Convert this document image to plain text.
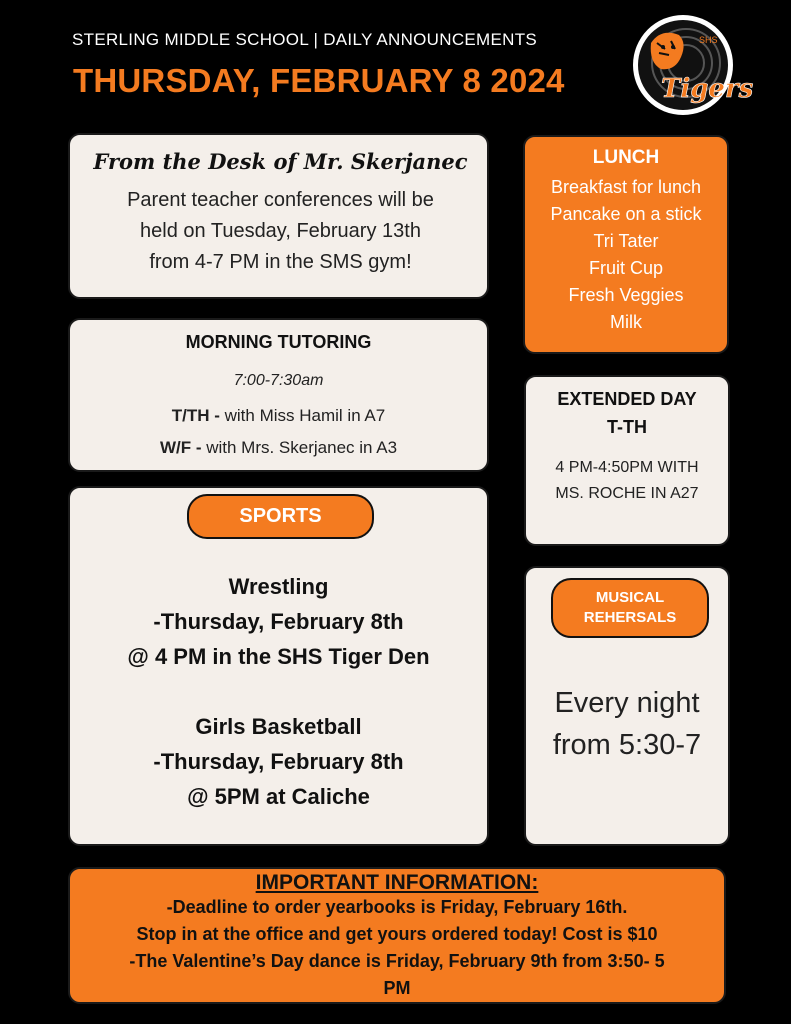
STERLING MIDDLE SCHOOL | DAILY ANNOUNCEMENTS
THURSDAY, FEBRUARY 8 2024
SHS
Tigers
From the Desk of Mr. Skerjanec
Parent teacher conferences will be
held on Tuesday, February 13th
from 4-7 PM in the SMS gym!
LUNCH
Breakfast for lunch
Pancake on a stick
Tri Tater
Fruit Cup
Fresh Veggies
Milk
MORNING TUTORING
7:00-7:30am
T/TH - with Miss Hamil in A7
W/F - with Mrs. Skerjanec in A3
EXTENDED DAY
T-TH
4 PM-4:50PM WITH
MS. ROCHE IN A27
SPORTS
Wrestling
-Thursday, February 8th
@ 4 PM in the SHS Tiger Den
Girls Basketball
-Thursday, February 8th
@ 5PM at Caliche
MUSICAL
REHERSALS
Every night
from 5:30-7
IMPORTANT INFORMATION:
-Deadline to order yearbooks is Friday, February 16th.
Stop in at the office and get yours ordered today! Cost is $10
-The Valentine’s Day dance is Friday, February 9th from 3:50- 5
PM
